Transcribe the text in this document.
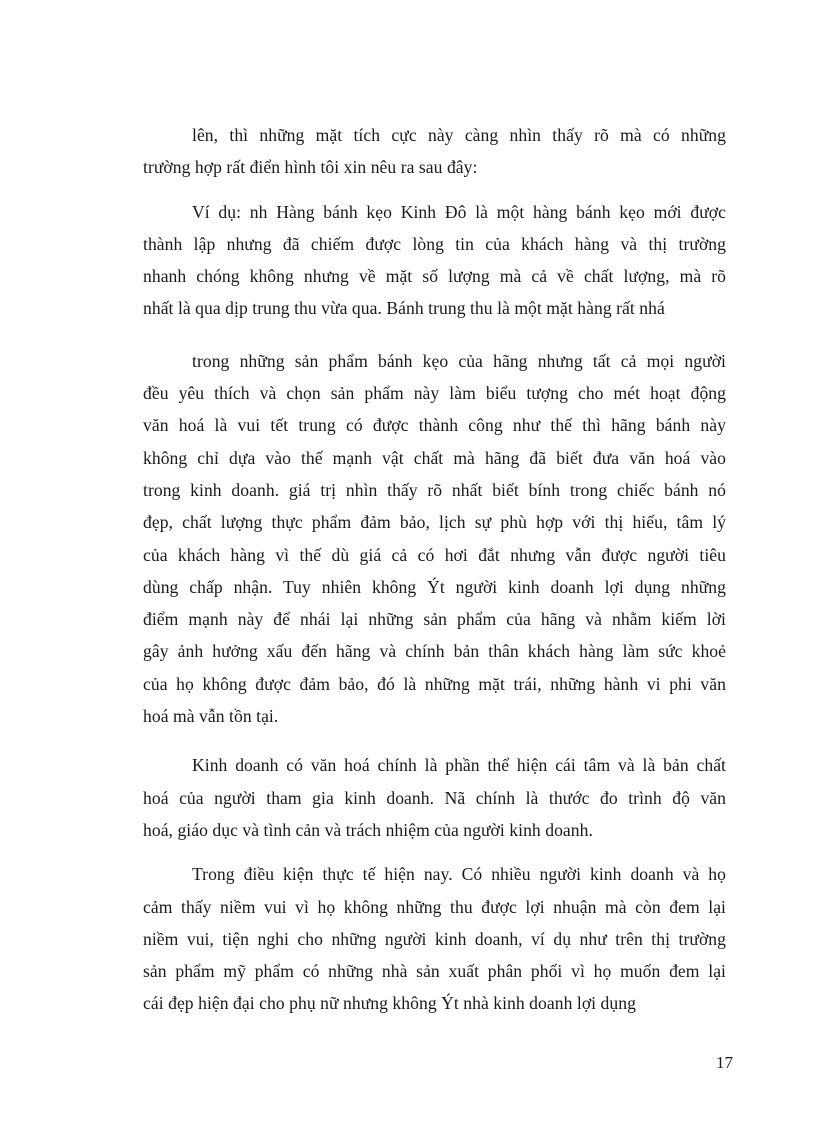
lên, thì những mặt tích cực này càng nhìn thấy rõ mà có những
trường hợp rất điển hình tôi xin nêu ra sau đây:

Ví dụ: nh Hàng bánh kẹo Kinh Đô là một hàng bánh kẹo mới được
thành lập nhưng đã chiếm được lòng tin của khách hàng và thị trường
nhanh chóng không nhưng về mặt số lượng mà cả về chất lượng, mà rõ
nhất là qua dịp trung thu vừa qua. Bánh trung thu là một mặt hàng rất nhá

trong những sản phẩm bánh kẹo của hãng nhưng tất cả mọi người
đều yêu thích và chọn sản phẩm này làm biểu tượng cho mét hoạt động
văn hoá là vui tết trung có được thành công như thế thì hãng bánh này
không chỉ dựa vào thế mạnh vật chất mà hãng đã biết đưa văn hoá vào
trong kinh doanh. giá trị nhìn thấy rõ nhất biết bính trong chiếc bánh nó
đẹp, chất lượng thực phẩm đảm bảo, lịch sự phù hợp với thị hiếu, tâm lý
của khách hàng vì thế dù giá cả có hơi đắt nhưng vẫn được người tiêu
dùng chấp nhận. Tuy nhiên không Ýt người kinh doanh lợi dụng những
điểm mạnh này để nhái lại những sản phẩm của hãng và nhằm kiếm lời
gây ảnh hưởng xấu đến hãng và chính bản thân khách hàng làm sức khoẻ
của họ không được đảm bảo, đó là những mặt trái, những hành vi phi văn
hoá mà vẫn tồn tại.

Kinh doanh có văn hoá chính là phần thể hiện cái tâm và là bản chất
hoá của người tham gia kinh doanh. Nã chính là thước đo trình độ văn
hoá, giáo dục và tình cản và trách nhiệm của người kinh doanh.

Trong điều kiện thực tế hiện nay. Có nhiều người kinh doanh và họ
cảm thấy niềm vui vì họ không những thu được lợi nhuận mà còn đem lại
niềm vui, tiện nghi cho những người kinh doanh, ví dụ như trên thị trường
sản phẩm mỹ phẩm có những nhà sản xuất phân phối vì họ muốn đem lại
cái đẹp hiện đại cho phụ nữ nhưng không Ýt nhà kinh doanh lợi dụng

17
